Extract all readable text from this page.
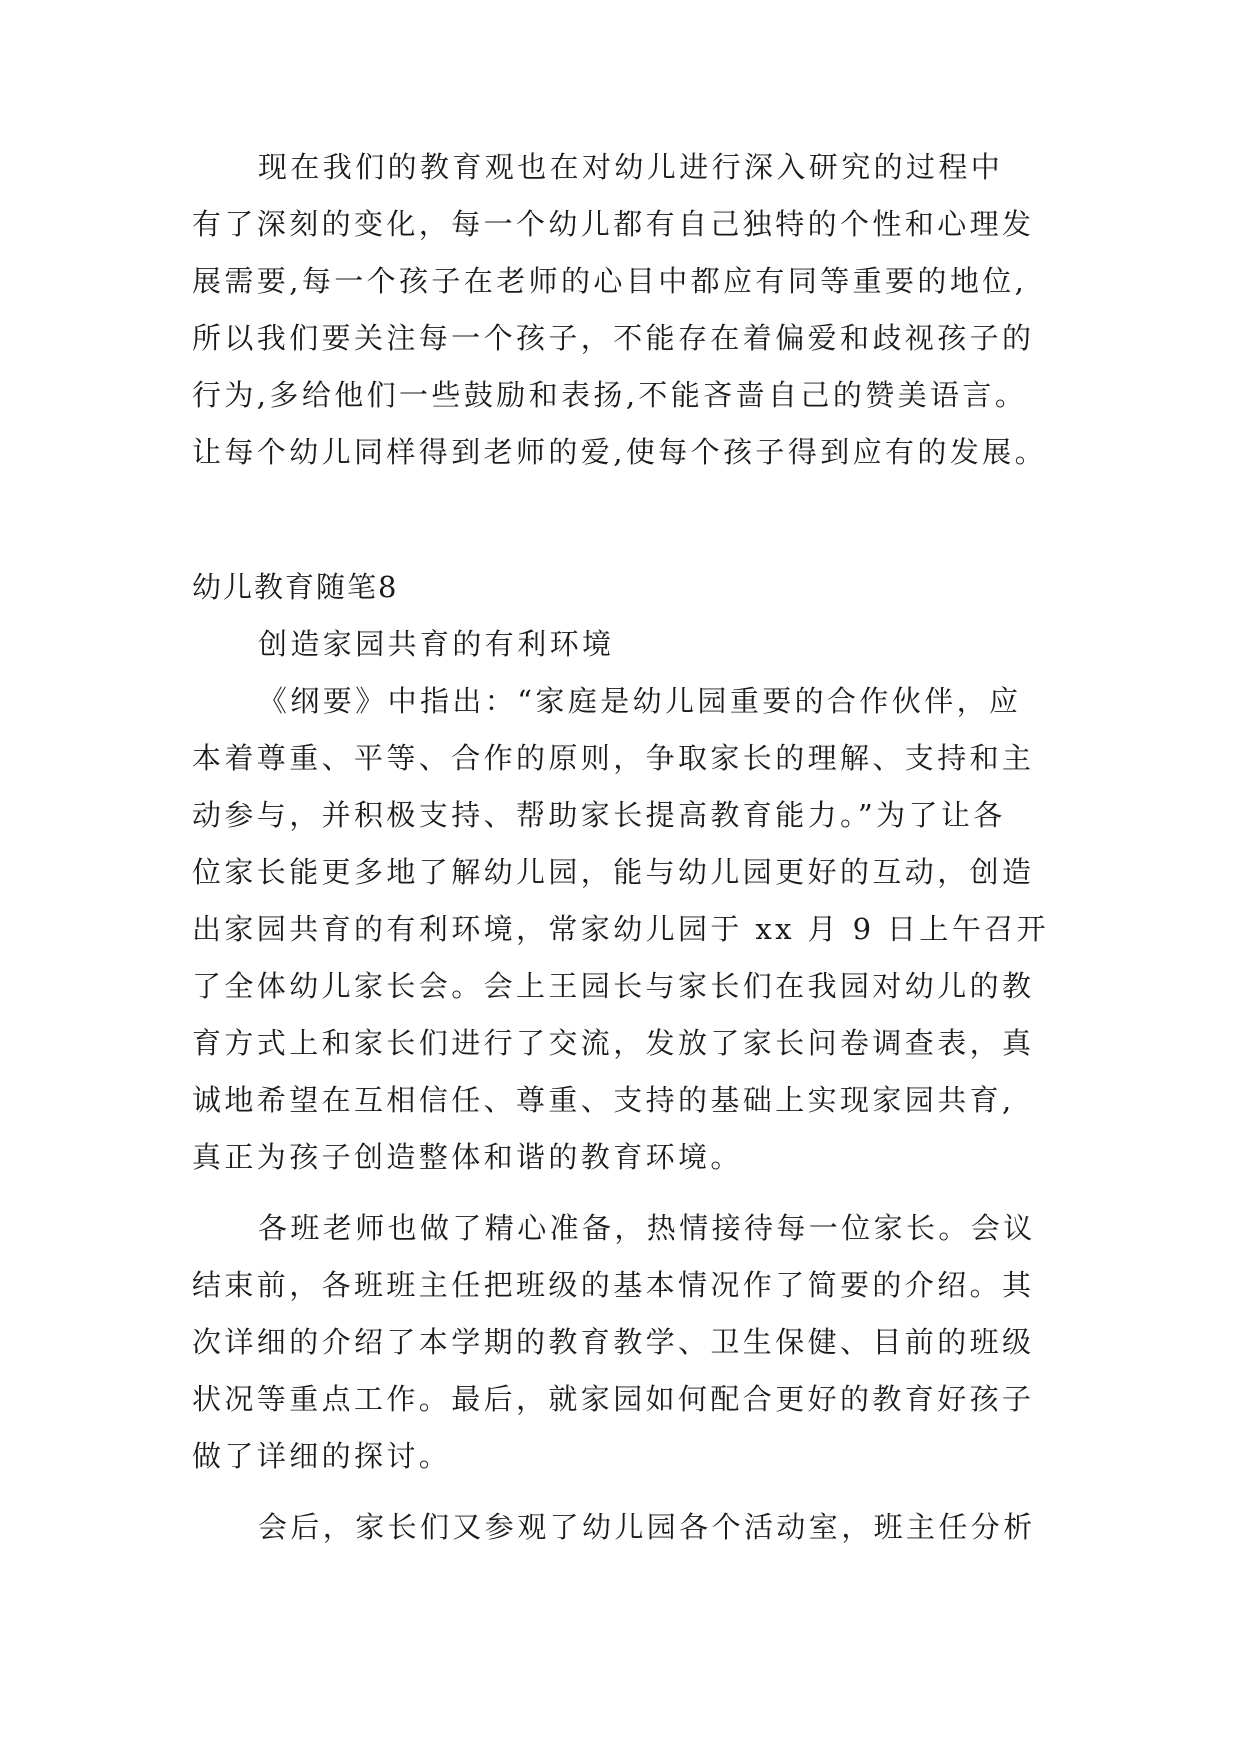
现在我们的教育观也在对幼儿进行深入研究的过程中
有了深刻的变化，每一个幼儿都有自己独特的个性和心理发
展需要,每一个孩子在老师的心目中都应有同等重要的地位,
所以我们要关注每一个孩子，不能存在着偏爱和歧视孩子的
行为,多给他们一些鼓励和表扬,不能吝啬自己的赞美语言。
让每个幼儿同样得到老师的爱,使每个孩子得到应有的发展。
幼儿教育随笔8
创造家园共育的有利环境
《纲要》中指出：“家庭是幼儿园重要的合作伙伴，应
本着尊重、平等、合作的原则，争取家长的理解、支持和主
动参与，并积极支持、帮助家长提高教育能力。”为了让各
位家长能更多地了解幼儿园，能与幼儿园更好的互动，创造
出家园共育的有利环境，常家幼儿园于 xx 月 9 日上午召开
了全体幼儿家长会。会上王园长与家长们在我园对幼儿的教
育方式上和家长们进行了交流，发放了家长问卷调查表，真
诚地希望在互相信任、尊重、支持的基础上实现家园共育,
真正为孩子创造整体和谐的教育环境。
各班老师也做了精心准备，热情接待每一位家长。会议
结束前，各班班主任把班级的基本情况作了简要的介绍。其
次详细的介绍了本学期的教育教学、卫生保健、目前的班级
状况等重点工作。最后，就家园如何配合更好的教育好孩子
做了详细的探讨。
会后，家长们又参观了幼儿园各个活动室，班主任分析
